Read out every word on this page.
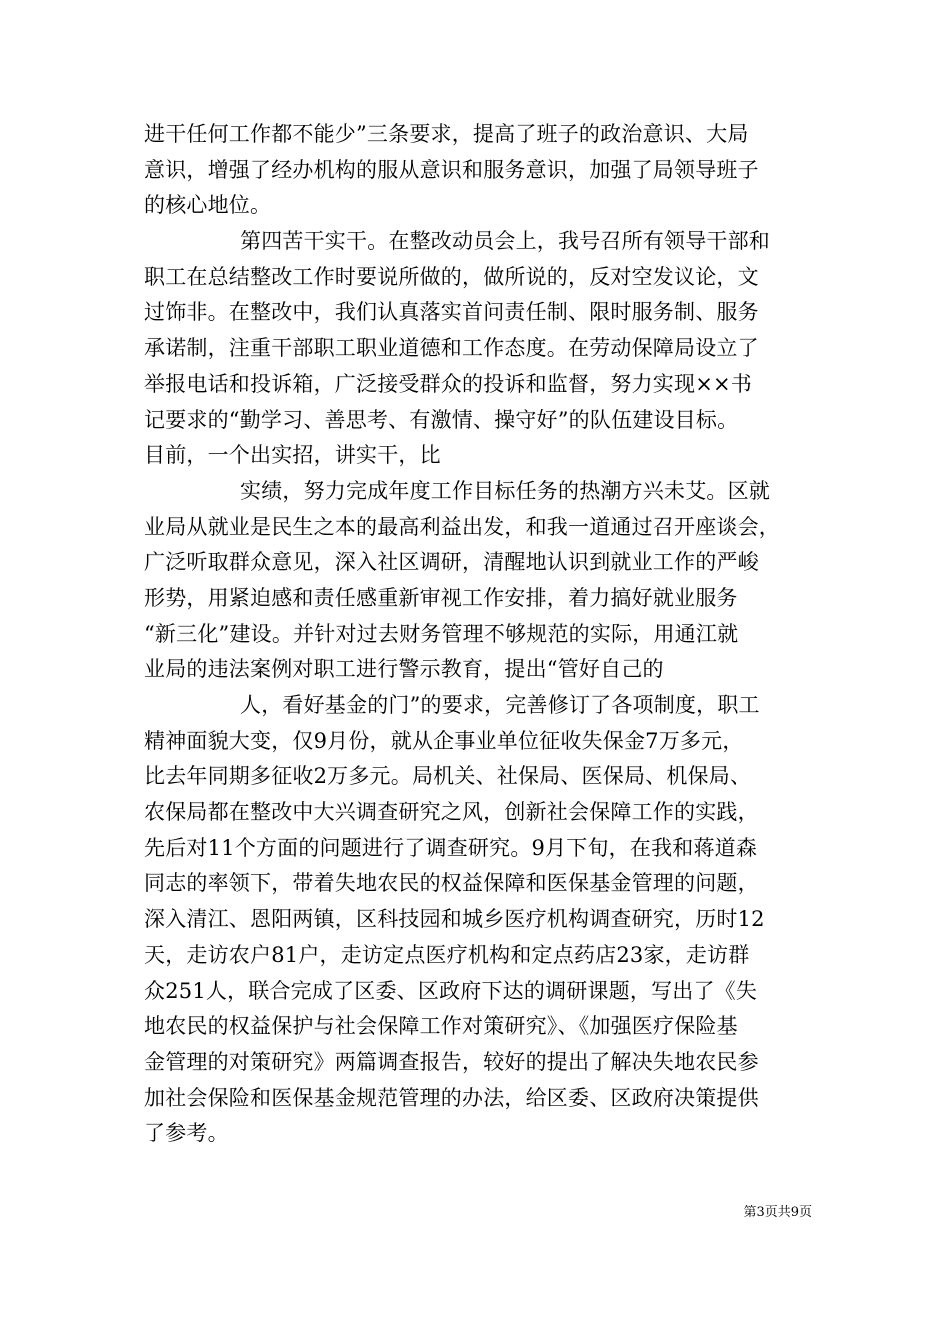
进干任何工作都不能少”三条要求，提高了班子的政治意识、大局
意识，增强了经办机构的服从意识和服务意识，加强了局领导班子
的核心地位。
第四苦干实干。在整改动员会上，我号召所有领导干部和
职工在总结整改工作时要说所做的，做所说的，反对空发议论，文
过饰非。在整改中，我们认真落实首问责任制、限时服务制、服务
承诺制，注重干部职工职业道德和工作态度。在劳动保障局设立了
举报电话和投诉箱，广泛接受群众的投诉和监督，努力实现××书
记要求的“勤学习、善思考、有激情、操守好”的队伍建设目标。
目前，一个出实招，讲实干，比
实绩，努力完成年度工作目标任务的热潮方兴未艾。区就
业局从就业是民生之本的最高利益出发，和我一道通过召开座谈会，
广泛听取群众意见，深入社区调研，清醒地认识到就业工作的严峻
形势，用紧迫感和责任感重新审视工作安排，着力搞好就业服务
“新三化”建设。并针对过去财务管理不够规范的实际，用通江就
业局的违法案例对职工进行警示教育，提出“管好自己的
人，看好基金的门”的要求，完善修订了各项制度，职工
精神面貌大变，仅9月份，就从企事业单位征收失保金7万多元，
比去年同期多征收2万多元。局机关、社保局、医保局、机保局、
农保局都在整改中大兴调查研究之风，创新社会保障工作的实践，
先后对11个方面的问题进行了调查研究。9月下旬，在我和蒋道森
同志的率领下，带着失地农民的权益保障和医保基金管理的问题，
深入清江、恩阳两镇，区科技园和城乡医疗机构调查研究，历时12
天，走访农户81户，走访定点医疗机构和定点药店23家，走访群
众251人，联合完成了区委、区政府下达的调研课题，写出了《失
地农民的权益保护与社会保障工作对策研究》、《加强医疗保险基
金管理的对策研究》两篇调查报告，较好的提出了解决失地农民参
加社会保险和医保基金规范管理的办法，给区委、区政府决策提供
了参考。
第3页共9页
